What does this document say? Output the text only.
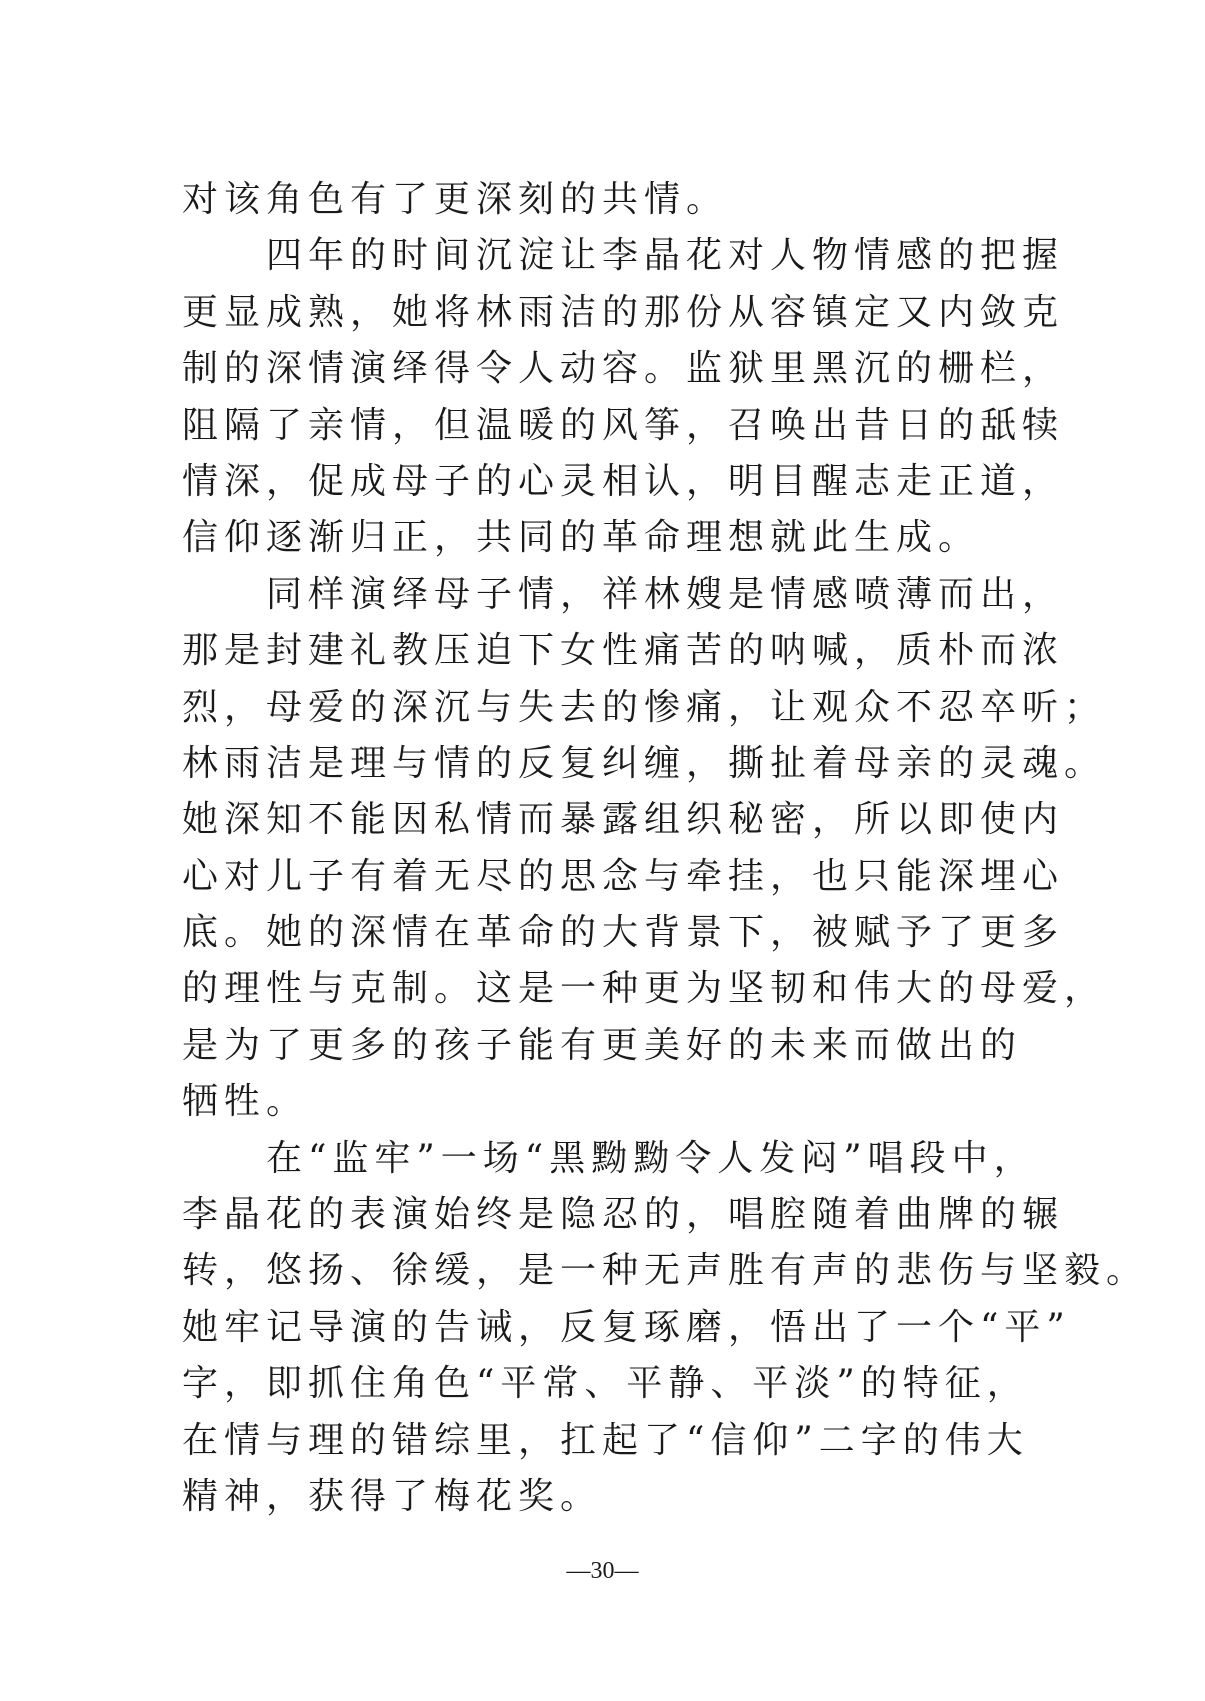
对该角色有了更深刻的共情。
四年的时间沉淀让李晶花对人物情感的把握
更显成熟，她将林雨洁的那份从容镇定又内敛克
制的深情演绎得令人动容。监狱里黑沉的栅栏，
阻隔了亲情，但温暖的风筝，召唤出昔日的舐犊
情深，促成母子的心灵相认，明目醒志走正道，
信仰逐渐归正，共同的革命理想就此生成。
同样演绎母子情，祥林嫂是情感喷薄而出，
那是封建礼教压迫下女性痛苦的呐喊，质朴而浓
烈，母爱的深沉与失去的惨痛，让观众不忍卒听；
林雨洁是理与情的反复纠缠，撕扯着母亲的灵魂。
她深知不能因私情而暴露组织秘密，所以即使内
心对儿子有着无尽的思念与牵挂，也只能深埋心
底。她的深情在革命的大背景下，被赋予了更多
的理性与克制。这是一种更为坚韧和伟大的母爱，
是为了更多的孩子能有更美好的未来而做出的
牺牲。
在“监牢”一场“黑黝黝令人发闷”唱段中，
李晶花的表演始终是隐忍的，唱腔随着曲牌的辗
转，悠扬、徐缓，是一种无声胜有声的悲伤与坚毅。
她牢记导演的告诫，反复琢磨，悟出了一个“平”
字，即抓住角色“平常、平静、平淡”的特征，
在情与理的错综里，扛起了“信仰”二字的伟大
精神，获得了梅花奖。
—30—
